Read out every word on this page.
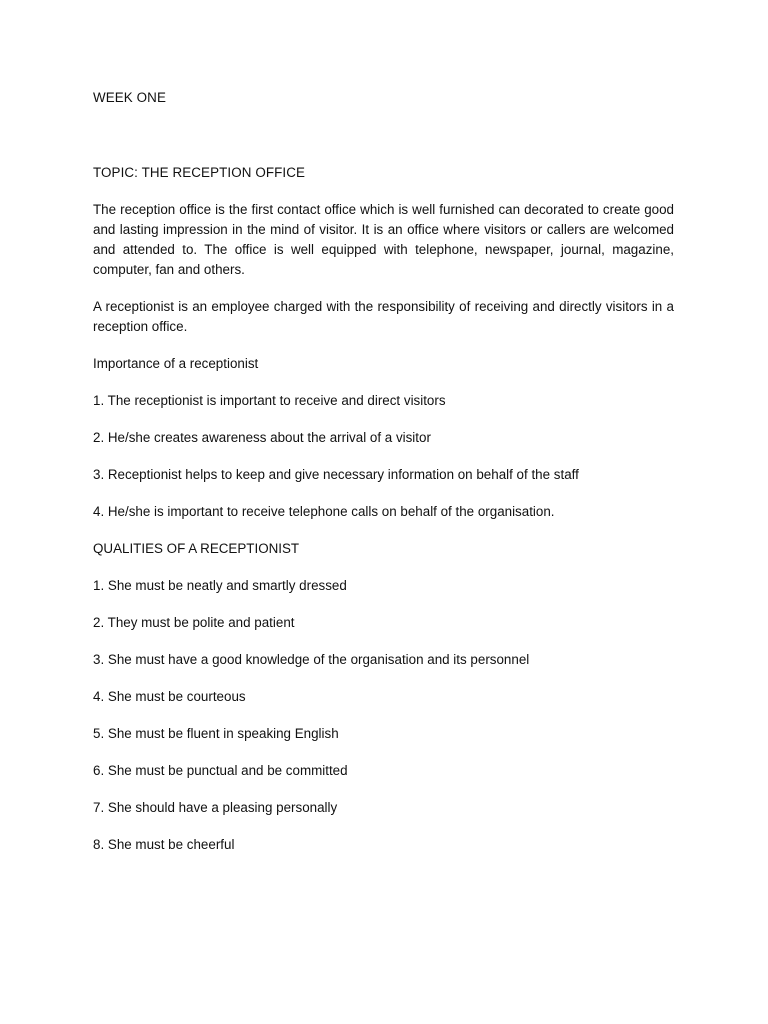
WEEK ONE

TOPIC: THE RECEPTION OFFICE

The reception office is the first contact office which is well furnished can decorated to create good and lasting impression in the mind of visitor. It is an office where visitors or callers are welcomed and attended to. The office is well equipped with telephone, newspaper, journal, magazine, computer, fan and others.

A receptionist is an employee charged with the responsibility of receiving and directly visitors in a reception office.

Importance of a receptionist

1. The receptionist is important to receive and direct visitors
2. He/she creates awareness about the arrival of a visitor
3. Receptionist helps to keep and give necessary information on behalf of the staff
4. He/she is important to receive telephone calls on behalf of the organisation.

QUALITIES OF A RECEPTIONIST

1. She must be neatly and smartly dressed
2. They must be polite and patient
3. She must have a good knowledge of the organisation and its personnel
4. She must be courteous
5. She must be fluent in speaking English
6. She must be punctual and be committed
7. She should have a pleasing personally
8. She must be cheerful
